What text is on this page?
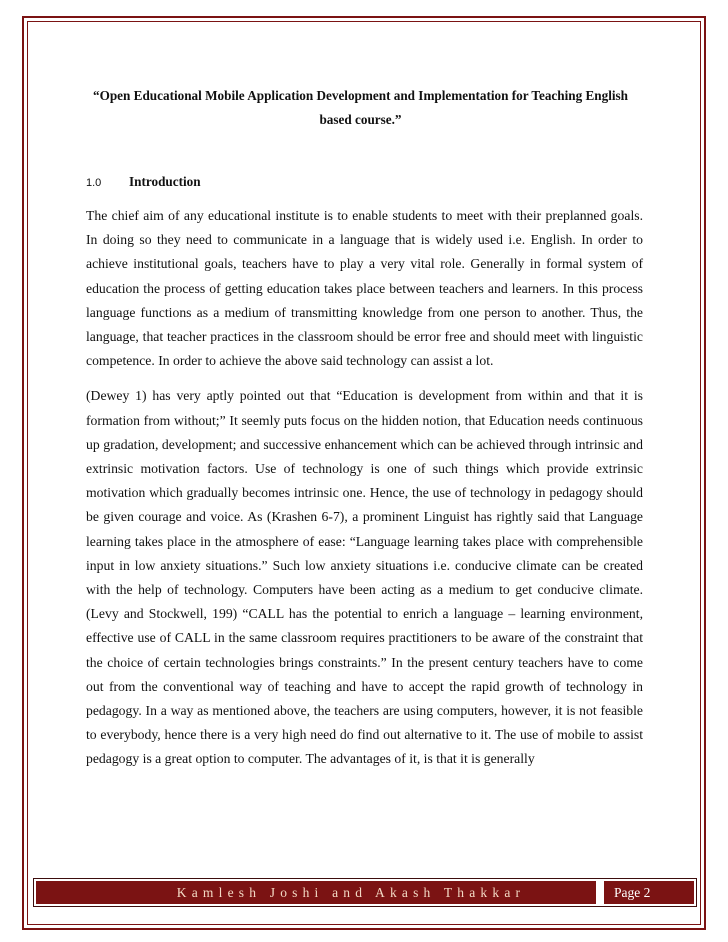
“Open Educational Mobile Application Development and Implementation for Teaching English based course.”
1.0	Introduction

The chief aim of any educational institute is to enable students to meet with their preplanned goals. In doing so they need to communicate in a language that is widely used i.e. English. In order to achieve institutional goals, teachers have to play a very vital role. Generally in formal system of education the process of getting education takes place between teachers and learners. In this process language functions as a medium of transmitting knowledge from one person to another. Thus, the language, that teacher practices in the classroom should be error free and should meet with linguistic competence. In order to achieve the above said technology can assist a lot.

(Dewey 1) has very aptly pointed out that “Education is development from within and that it is formation from without;” It seemly puts focus on the hidden notion, that Education needs continuous up gradation, development; and successive enhancement which can be achieved through intrinsic and extrinsic motivation factors. Use of technology is one of such things which provide extrinsic motivation which gradually becomes intrinsic one. Hence, the use of technology in pedagogy should be given courage and voice. As (Krashen 6-7), a prominent Linguist has rightly said that Language learning takes place in the atmosphere of ease: “Language learning takes place with comprehensible input in low anxiety situations.” Such low anxiety situations i.e. conducive climate can be created with the help of technology. Computers have been acting as a medium to get conducive climate. (Levy and Stockwell, 199) “CALL has the potential to enrich a language – learning environment, effective use of CALL in the same classroom requires practitioners to be aware of the constraint that the choice of certain technologies brings constraints.” In the present century teachers have to come out from the conventional way of teaching and have to accept the rapid growth of technology in pedagogy. In a way as mentioned above, the teachers are using computers, however, it is not feasible to everybody, hence there is a very high need do find out alternative to it. The use of mobile to assist pedagogy is a great option to computer. The advantages of it, is that it is generally

Kamlesh Joshi and Akash Thakkar	Page 2
